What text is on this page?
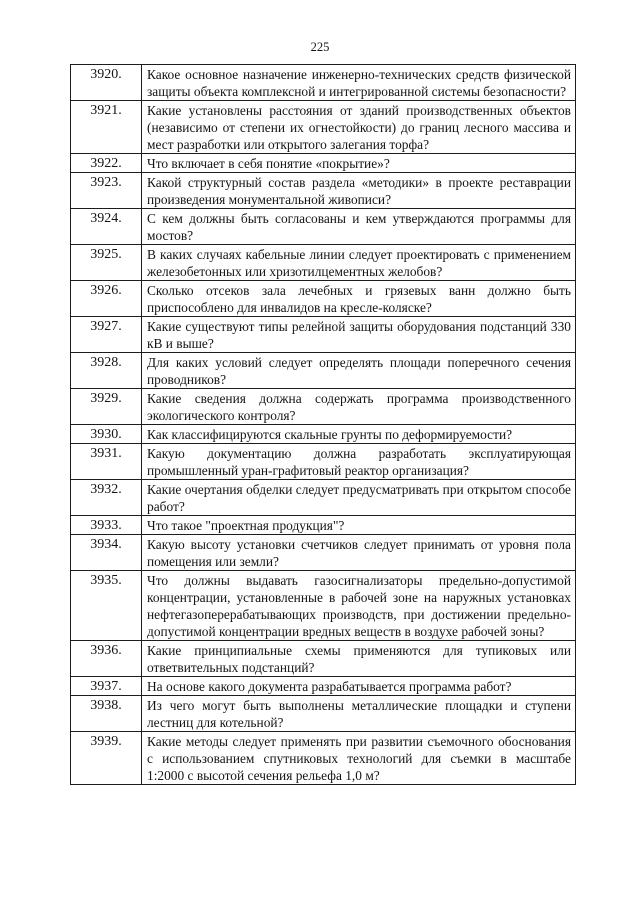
225
3920.	Какое основное назначение инженерно-технических средств физической защиты объекта комплексной и интегрированной системы безопасности?
3921.	Какие установлены расстояния от зданий производственных объектов (независимо от степени их огнестойкости) до границ лесного массива и мест разработки или открытого залегания торфа?
3922.	Что включает в себя понятие «покрытие»?
3923.	Какой структурный состав раздела «методики» в проекте реставрации произведения монументальной живописи?
3924.	С кем должны быть согласованы и кем утверждаются программы для мостов?
3925.	В каких случаях кабельные линии следует проектировать с применением железобетонных или хризотилцементных желобов?
3926.	Сколько отсеков зала лечебных и грязевых ванн должно быть приспособлено для инвалидов на кресле-коляске?
3927.	Какие существуют типы релейной защиты оборудования подстанций 330 кВ и выше?
3928.	Для каких условий следует определять площади поперечного сечения проводников?
3929.	Какие сведения должна содержать программа производственного экологического контроля?
3930.	Как классифицируются скальные грунты по деформируемости?
3931.	Какую документацию должна разработать эксплуатирующая промышленный уран-графитовый реактор организация?
3932.	Какие очертания обделки следует предусматривать при открытом способе работ?
3933.	Что такое "проектная продукция"?
3934.	Какую высоту установки счетчиков следует принимать от уровня пола помещения или земли?
3935.	Что должны выдавать газосигнализаторы предельно-допустимой концентрации, установленные в рабочей зоне на наружных установках нефтегазоперерабатывающих производств, при достижении предельно-допустимой концентрации вредных веществ в воздухе рабочей зоны?
3936.	Какие принципиальные схемы применяются для тупиковых или ответвительных подстанций?
3937.	На основе какого документа разрабатывается программа работ?
3938.	Из чего могут быть выполнены металлические площадки и ступени лестниц для котельной?
3939.	Какие методы следует применять при развитии съемочного обоснования с использованием спутниковых технологий для съемки в масштабе 1:2000 с высотой сечения рельефа 1,0 м?
